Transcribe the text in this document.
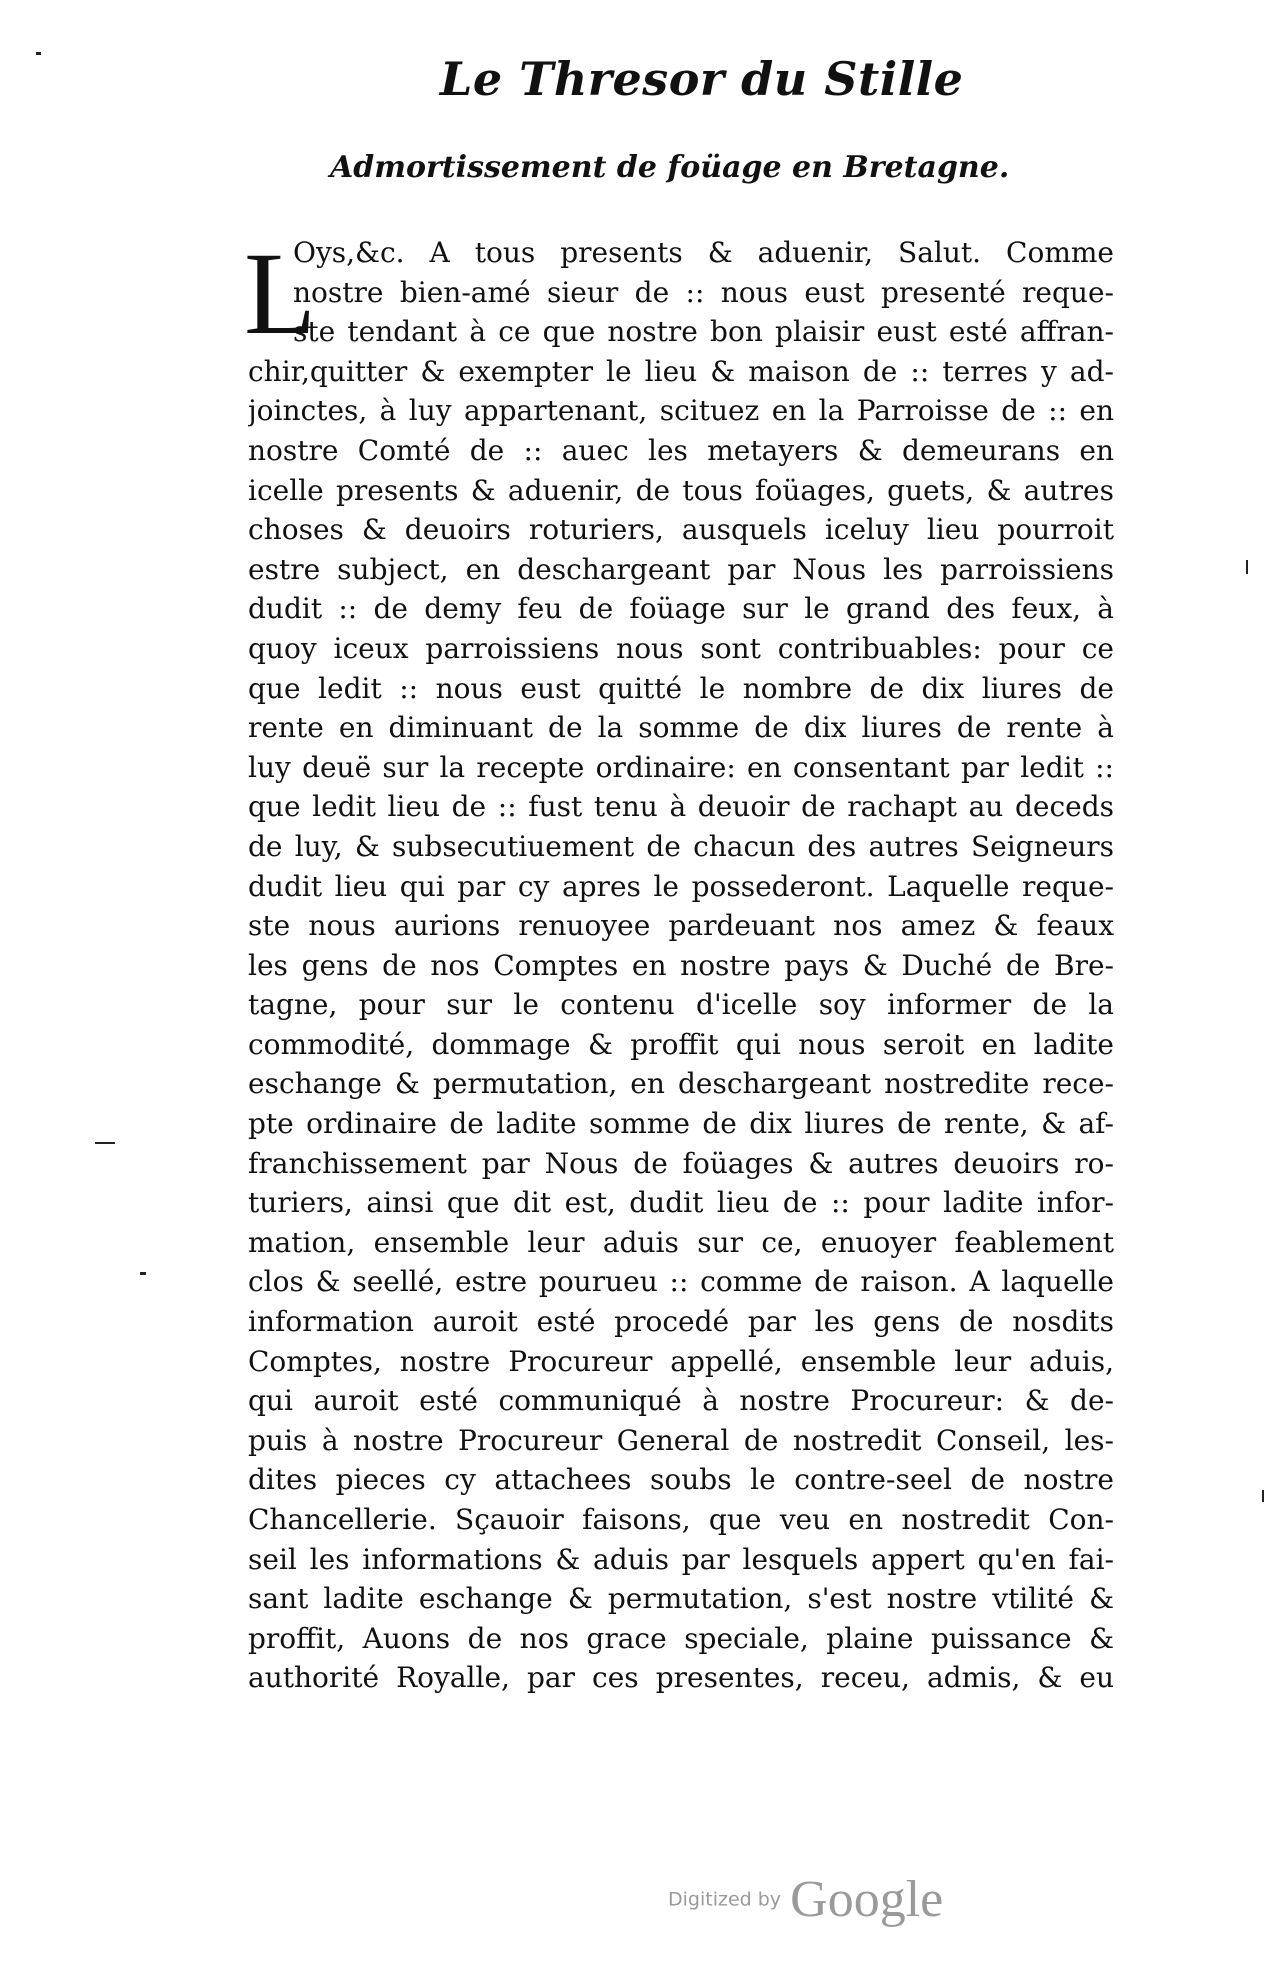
Le Thresor du Stille
Admortissement de foüage en Bretagne.
L
Oys,&c. A tous presents & aduenir, Salut. Comme
nostre bien-amé sieur de :: nous eust presenté reque-
ste tendant à ce que nostre bon plaisir eust esté affran-
chir,quitter & exempter le lieu & maison de :: terres y ad-
joinctes, à luy appartenant, scituez en la Parroisse de :: en
nostre Comté de :: auec les metayers & demeurans en
icelle presents & aduenir, de tous foüages, guets, & autres
choses & deuoirs roturiers, ausquels iceluy lieu pourroit
estre subject, en deschargeant par Nous les parroissiens
dudit :: de demy feu de foüage sur le grand des feux, à
quoy iceux parroissiens nous sont contribuables: pour ce
que ledit :: nous eust quitté le nombre de dix liures de
rente en diminuant de la somme de dix liures de rente à
luy deuë sur la recepte ordinaire: en consentant par ledit ::
que ledit lieu de :: fust tenu à deuoir de rachapt au deceds
de luy, & subsecutiuement de chacun des autres Seigneurs
dudit lieu qui par cy apres le possederont. Laquelle reque-
ste nous aurions renuoyee pardeuant nos amez & feaux
les gens de nos Comptes en nostre pays & Duché de Bre-
tagne, pour sur le contenu d'icelle soy informer de la
commodité, dommage & proffit qui nous seroit en ladite
eschange & permutation, en deschargeant nostredite rece-
pte ordinaire de ladite somme de dix liures de rente, & af-
franchissement par Nous de foüages & autres deuoirs ro-
turiers, ainsi que dit est, dudit lieu de :: pour ladite infor-
mation, ensemble leur aduis sur ce, enuoyer feablement
clos & seellé, estre pourueu :: comme de raison. A laquelle
information auroit esté procedé par les gens de nosdits
Comptes, nostre Procureur appellé, ensemble leur aduis,
qui auroit esté communiqué à nostre Procureur: & de-
puis à nostre Procureur General de nostredit Conseil, les-
dites pieces cy attachees soubs le contre-seel de nostre
Chancellerie. Sçauoir faisons, que veu en nostredit Con-
seil les informations & aduis par lesquels appert qu'en fai-
sant ladite eschange & permutation, s'est nostre vtilité &
proffit, Auons de nos grace speciale, plaine puissance &
authorité Royalle, par ces presentes, receu, admis, & eu
Digitized by Google
